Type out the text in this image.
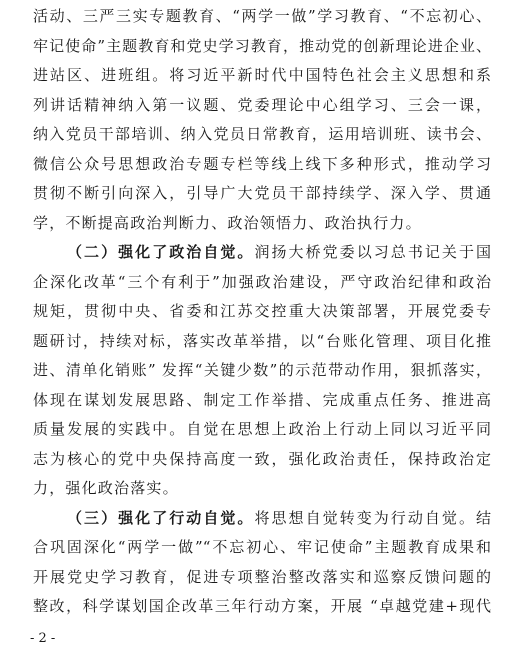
活动、三严三实专题教育、“两学一做”学习教育、“不忘初心、
牢记使命”主题教育和党史学习教育，推动党的创新理论进企业、
进站区、进班组。将习近平新时代中国特色社会主义思想和系
列讲话精神纳入第一议题、党委理论中心组学习、三会一课，
纳入党员干部培训、纳入党员日常教育，运用培训班、读书会、
微信公众号思想政治专题专栏等线上线下多种形式，推动学习
贯彻不断引向深入，引导广大党员干部持续学、深入学、贯通
学，不断提高政治判断力、政治领悟力、政治执行力。
（二）强化了政治自觉。润扬大桥党委以习总书记关于国
企深化改革“三个有利于”加强政治建设，严守政治纪律和政治
规矩，贯彻中央、省委和江苏交控重大决策部署，开展党委专
题研讨，持续对标，落实改革举措，以“台账化管理、项目化推
进、清单化销账” 发挥“关键少数”的示范带动作用，狠抓落实，
体现在谋划发展思路、制定工作举措、完成重点任务、推进高
质量发展的实践中。自觉在思想上政治上行动上同以习近平同
志为核心的党中央保持高度一致，强化政治责任，保持政治定
力，强化政治落实。
（三）强化了行动自觉。将思想自觉转变为行动自觉。结
合巩固深化“两学一做”“不忘初心、牢记使命”主题教育成果和
开展党史学习教育，促进专项整治整改落实和巡察反馈问题的
整改，科学谋划国企改革三年行动方案，开展 “卓越党建+现代
- 2 -
